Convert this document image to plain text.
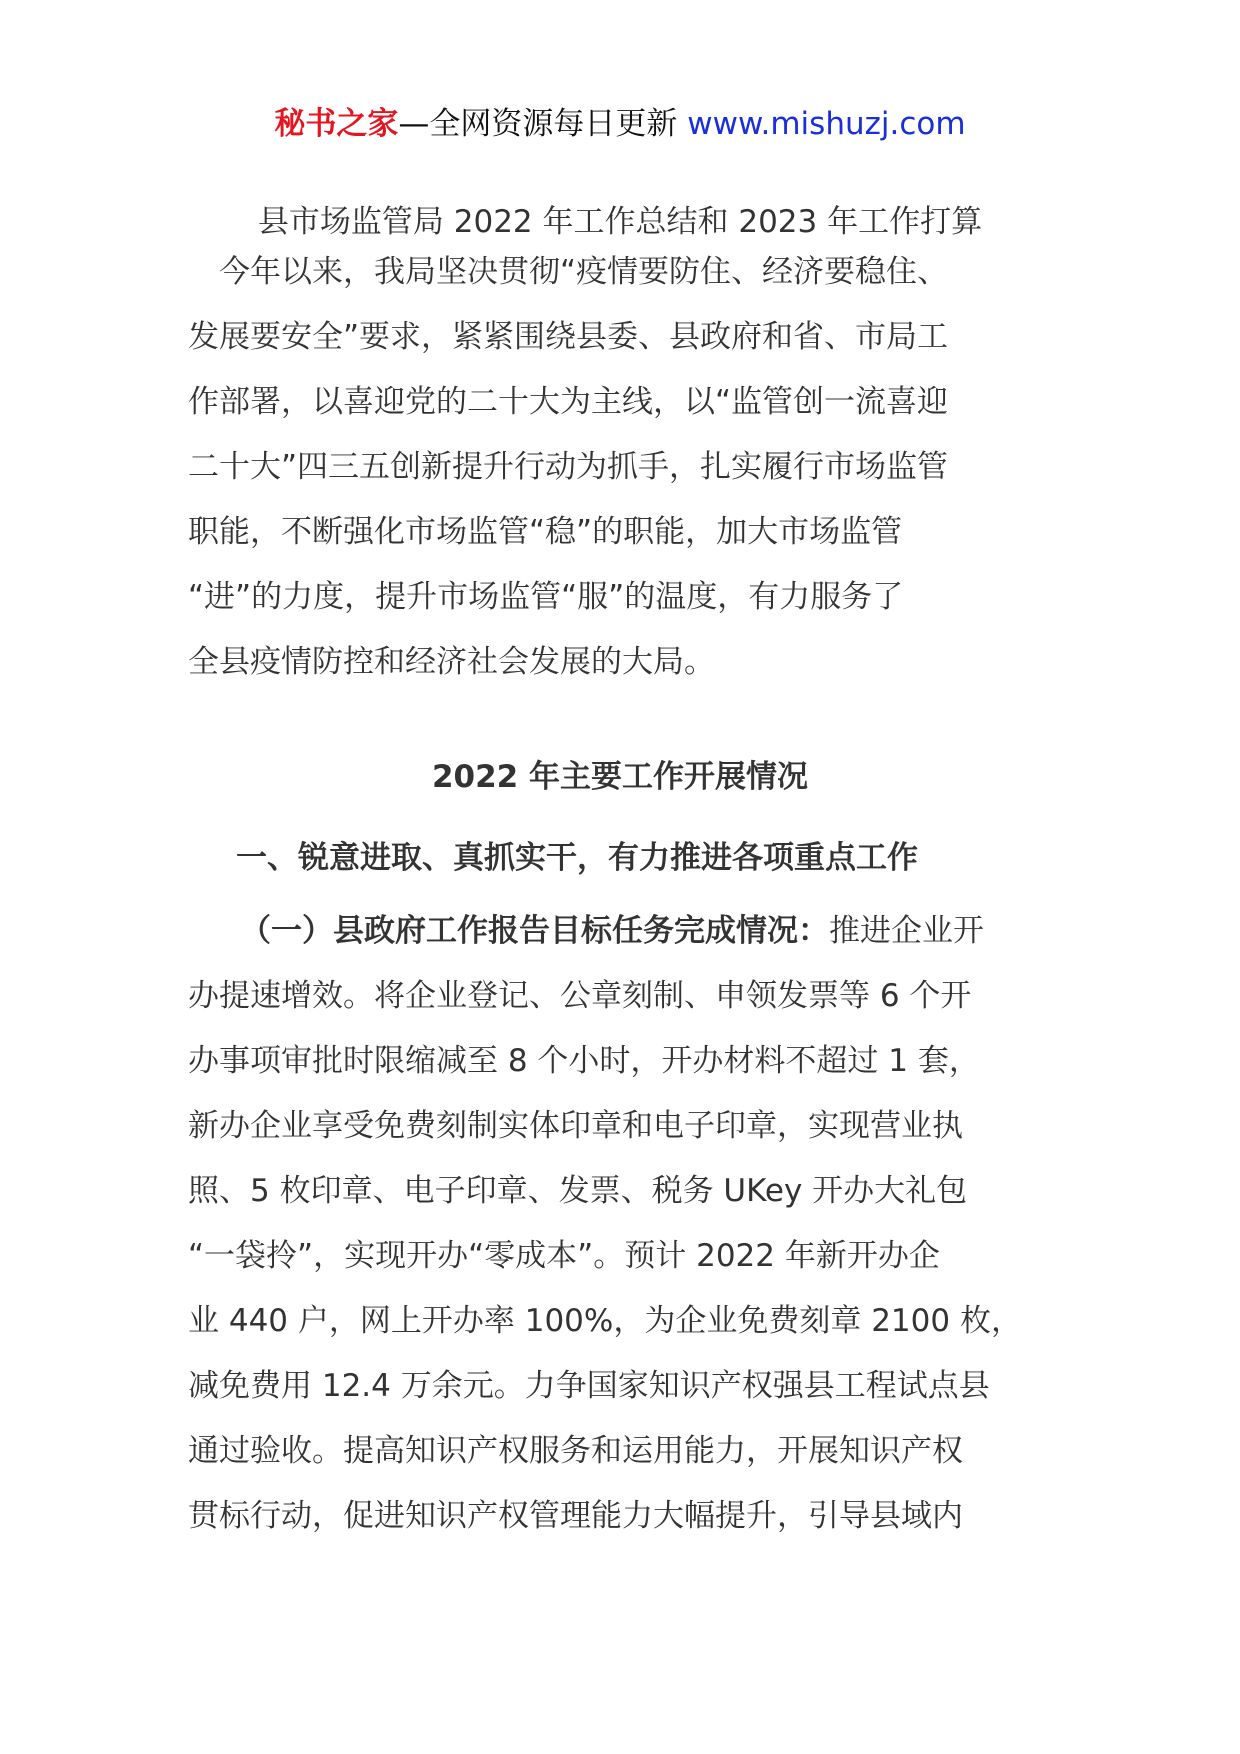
秘书之家—全网资源每日更新 www.mishuzj.com
县市场监管局 2022 年工作总结和 2023 年工作打算
　今年以来，我局坚决贯彻“疫情要防住、经济要稳住、
发展要安全”要求，紧紧围绕县委、县政府和省、市局工
作部署，以喜迎党的二十大为主线，以“监管创一流喜迎
二十大”四三五创新提升行动为抓手，扎实履行市场监管
职能，不断强化市场监管“稳”的职能，加大市场监管
“进”的力度，提升市场监管“服”的温度，有力服务了
全县疫情防控和经济社会发展的大局。
2022 年主要工作开展情况
一、锐意进取、真抓实干，有力推进各项重点工作
（一）县政府工作报告目标任务完成情况：推进企业开
办提速增效。将企业登记、公章刻制、申领发票等 6 个开
办事项审批时限缩减至 8 个小时，开办材料不超过 1 套，
新办企业享受免费刻制实体印章和电子印章，实现营业执
照、5 枚印章、电子印章、发票、税务 UKey 开办大礼包
“一袋拎”，实现开办“零成本”。预计 2022 年新开办企
业 440 户，网上开办率 100%，为企业免费刻章 2100 枚，
减免费用 12.4 万余元。力争国家知识产权强县工程试点县
通过验收。提高知识产权服务和运用能力，开展知识产权
贯标行动，促进知识产权管理能力大幅提升，引导县域内
